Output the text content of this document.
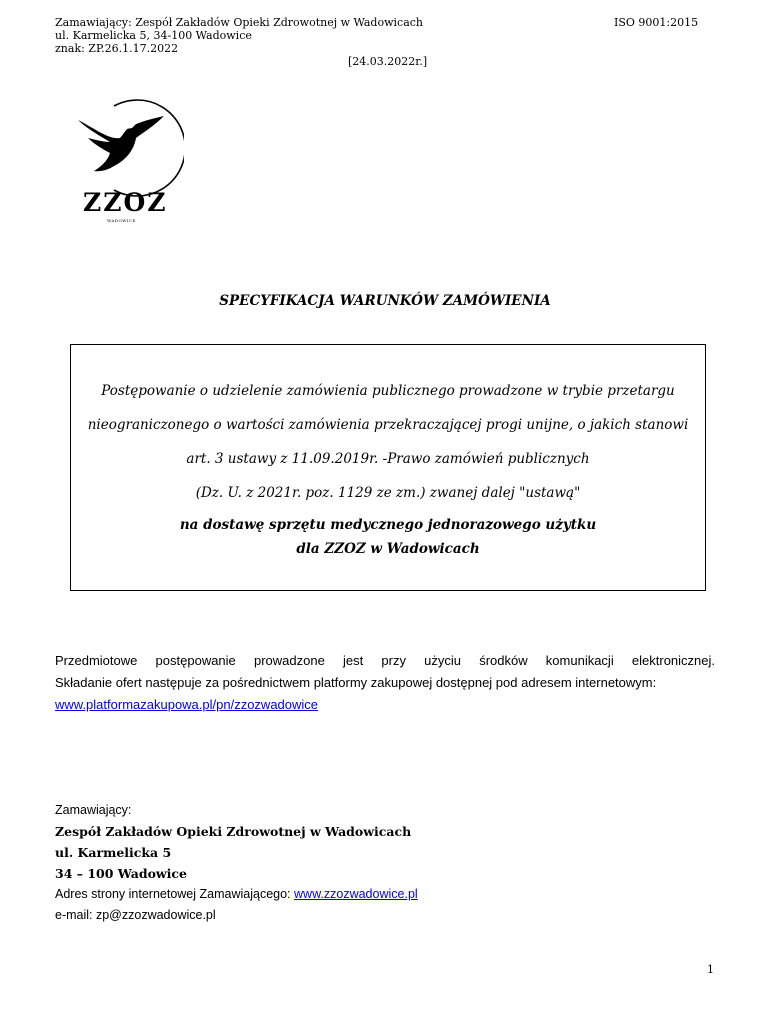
Zamawiający: Zespół Zakładów Opieki Zdrowotnej w Wadowicach
ul. Karmelicka 5, 34-100 Wadowice
znak: ZP.26.1.17.2022
ISO 9001:2015
[24.03.2022r.]
ZZOZ
WADOWICE
SPECYFIKACJA WARUNKÓW ZAMÓWIENIA

Postępowanie o udzielenie zamówienia publicznego prowadzone w trybie przetargu

nieograniczonego o wartości zamówienia przekraczającej progi unijne, o jakich stanowi

art. 3 ustawy z 11.09.2019r. -Prawo zamówień publicznych

(Dz. U. z 2021r. poz. 1129 ze zm.) zwanej dalej "ustawą"

na dostawę sprzętu medycznego jednorazowego użytku

dla ZZOZ w Wadowicach

Przedmiotowe postępowanie prowadzone jest przy użyciu środków komunikacji elektronicznej.
Składanie ofert następuje za pośrednictwem platformy zakupowej dostępnej pod adresem internetowym:
www.platformazakupowa.pl/pn/zzozwadowice
Zamawiający:
Zespół Zakładów Opieki Zdrowotnej w Wadowicach
ul. Karmelicka 5
34 – 100 Wadowice
Adres strony internetowej Zamawiającego: www.zzozwadowice.pl
e-mail: zp@zzozwadowice.pl
1
